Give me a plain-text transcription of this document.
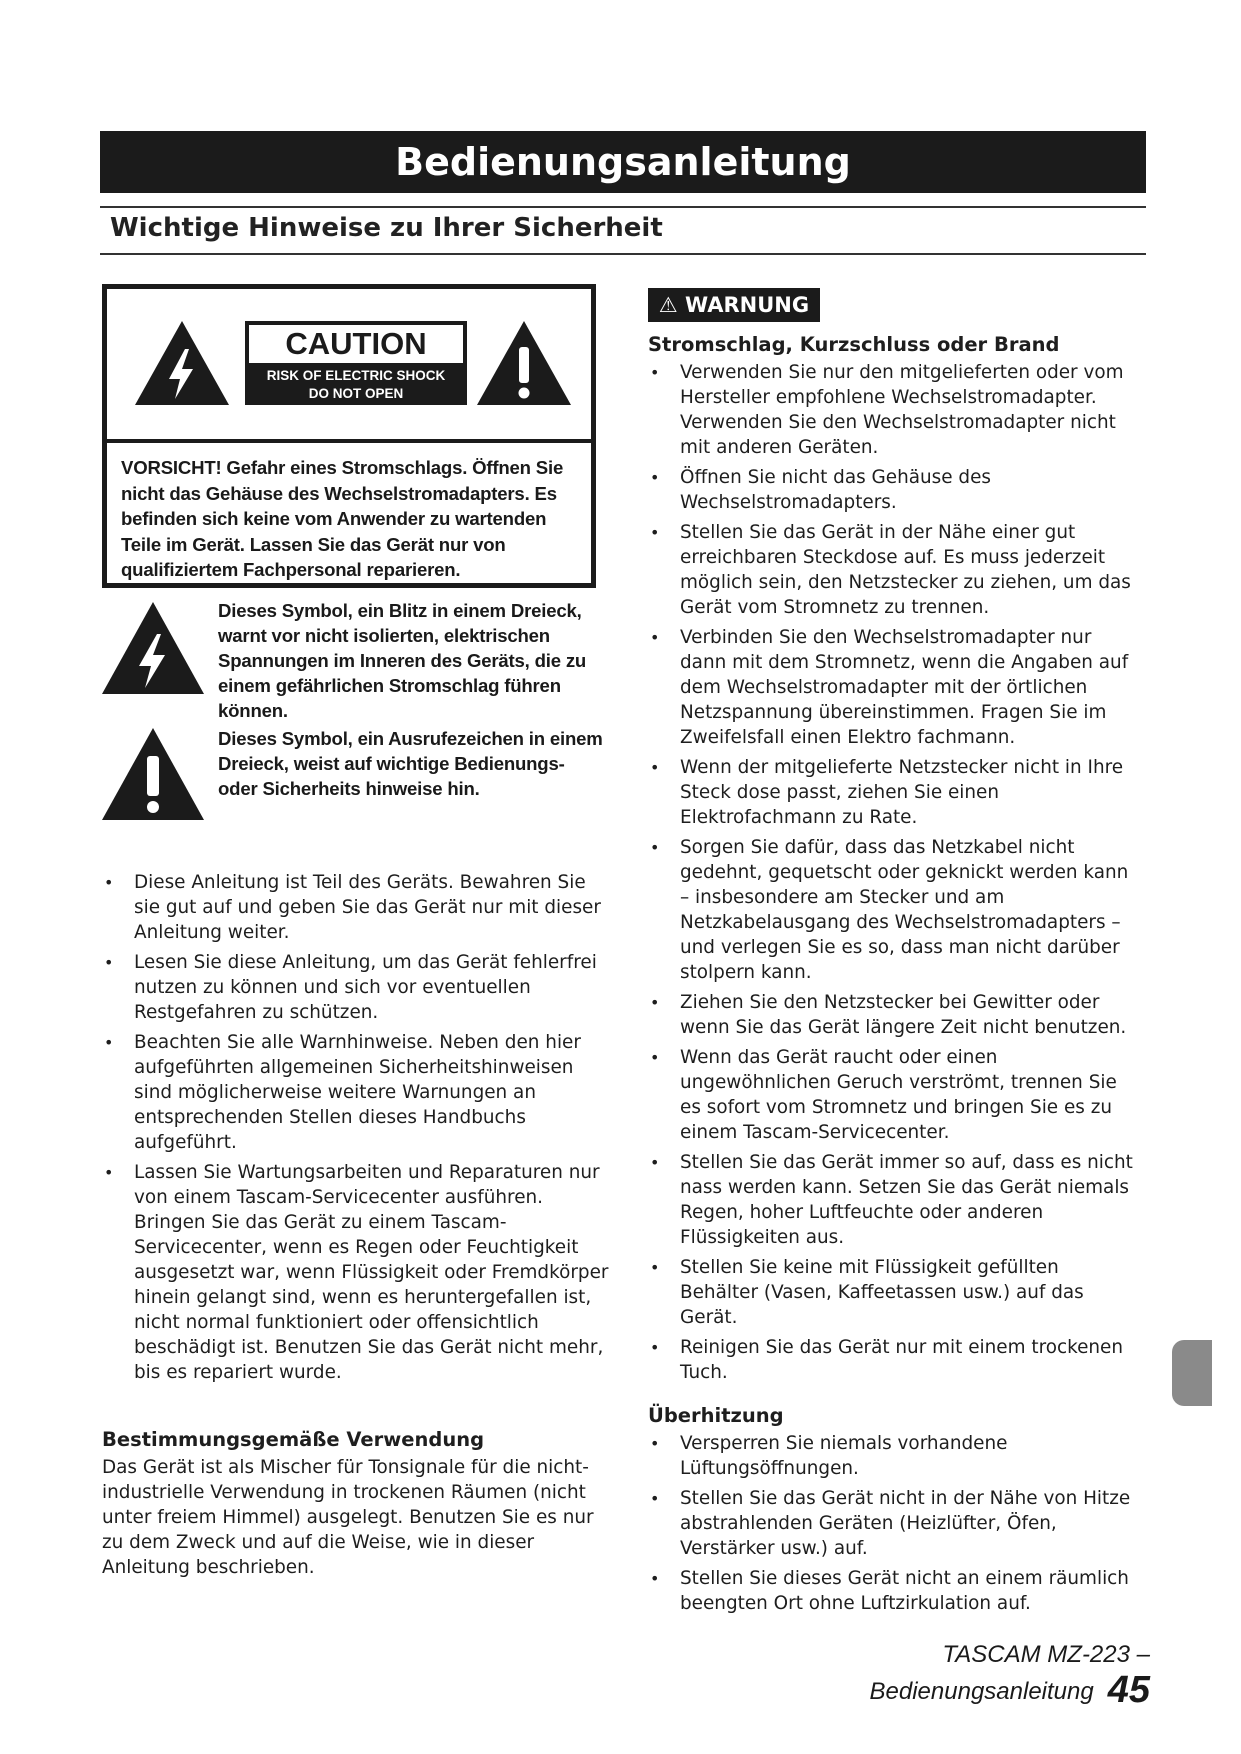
Bedienungsanleitung
Wichtige Hinweise zu Ihrer Sicherheit
CAUTION
RISK OF ELECTRIC SHOCK
DO NOT OPEN
VORSICHT! Gefahr eines Stromschlags. Öffnen Sie nicht das Gehäuse des Wechselstromadapters. Es befinden sich keine vom Anwender zu wartenden Teile im Gerät. Lassen Sie das Gerät nur von qualifiziertem Fachpersonal reparieren.
Dieses Symbol, ein Blitz in einem Dreieck, warnt vor nicht isolierten, elektrischen Spannungen im Inneren des Geräts, die zu einem gefährlichen Stromschlag führen können.
Dieses Symbol, ein Ausrufezeichen in einem Dreieck, weist auf wichtige Bedienungs- oder Sicherheits hinweise hin.
• Diese Anleitung ist Teil des Geräts. Bewahren Sie sie gut auf und geben Sie das Gerät nur mit dieser Anleitung weiter.
• Lesen Sie diese Anleitung, um das Gerät fehlerfrei nutzen zu können und sich vor eventuellen Restgefahren zu schützen.
• Beachten Sie alle Warnhinweise. Neben den hier aufgeführten allgemeinen Sicherheitshinweisen sind möglicherweise weitere Warnungen an entsprechenden Stellen dieses Handbuchs aufgeführt.
• Lassen Sie Wartungsarbeiten und Reparaturen nur von einem Tascam-Servicecenter ausführen. Bringen Sie das Gerät zu einem Tascam-Servicecenter, wenn es Regen oder Feuchtigkeit ausgesetzt war, wenn Flüssigkeit oder Fremdkörper hinein gelangt sind, wenn es heruntergefallen ist, nicht normal funktioniert oder offensichtlich beschädigt ist. Benutzen Sie das Gerät nicht mehr, bis es repariert wurde.
Bestimmungsgemäße Verwendung
Das Gerät ist als Mischer für Tonsignale für die nicht-industrielle Verwendung in trockenen Räumen (nicht unter freiem Himmel) ausgelegt. Benutzen Sie es nur zu dem Zweck und auf die Weise, wie in dieser Anleitung beschrieben.
⚠ WARNUNG
Stromschlag, Kurzschluss oder Brand
• Verwenden Sie nur den mitgelieferten oder vom Hersteller empfohlene Wechselstromadapter. Verwenden Sie den Wechselstromadapter nicht mit anderen Geräten.
• Öffnen Sie nicht das Gehäuse des Wechselstromadapters.
• Stellen Sie das Gerät in der Nähe einer gut erreichbaren Steckdose auf. Es muss jederzeit möglich sein, den Netzstecker zu ziehen, um das Gerät vom Stromnetz zu trennen.
• Verbinden Sie den Wechselstromadapter nur dann mit dem Stromnetz, wenn die Angaben auf dem Wechselstromadapter mit der örtlichen Netzspannung übereinstimmen. Fragen Sie im Zweifelsfall einen Elektro fachmann.
• Wenn der mitgelieferte Netzstecker nicht in Ihre Steck dose passt, ziehen Sie einen Elektrofachmann zu Rate.
• Sorgen Sie dafür, dass das Netzkabel nicht gedehnt, gequetscht oder geknickt werden kann – insbesondere am Stecker und am Netzkabelausgang des Wechselstromadapters – und verlegen Sie es so, dass man nicht darüber stolpern kann.
• Ziehen Sie den Netzstecker bei Gewitter oder wenn Sie das Gerät längere Zeit nicht benutzen.
• Wenn das Gerät raucht oder einen ungewöhnlichen Geruch verströmt, trennen Sie es sofort vom Stromnetz und bringen Sie es zu einem Tascam-Servicecenter.
• Stellen Sie das Gerät immer so auf, dass es nicht nass werden kann. Setzen Sie das Gerät niemals Regen, hoher Luftfeuchte oder anderen Flüssigkeiten aus.
• Stellen Sie keine mit Flüssigkeit gefüllten Behälter (Vasen, Kaffeetassen usw.) auf das Gerät.
• Reinigen Sie das Gerät nur mit einem trockenen Tuch.
Überhitzung
• Versperren Sie niemals vorhandene Lüftungsöffnungen.
• Stellen Sie das Gerät nicht in der Nähe von Hitze abstrahlenden Geräten (Heizlüfter, Öfen, Verstärker usw.) auf.
• Stellen Sie dieses Gerät nicht an einem räumlich beengten Ort ohne Luftzirkulation auf.
TASCAM MZ-223 – Bedienungsanleitung 45
